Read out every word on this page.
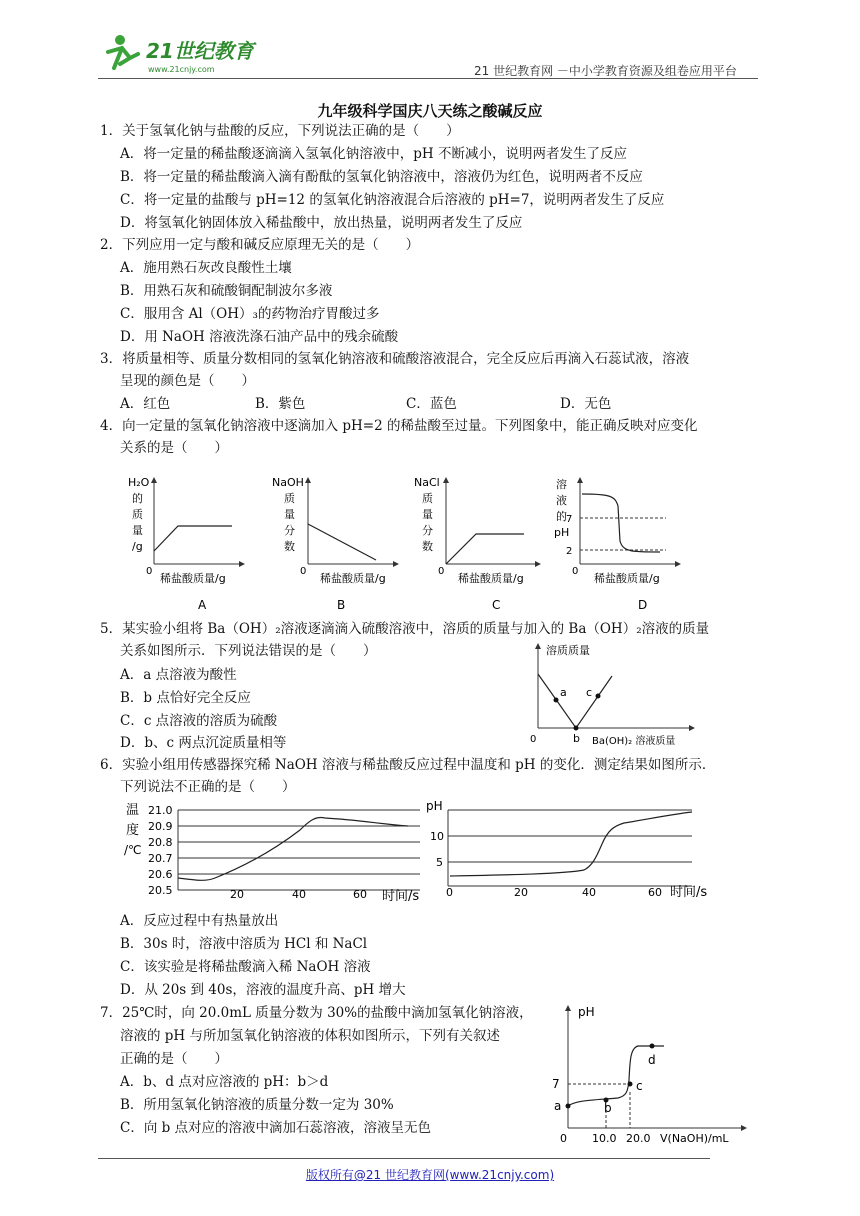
21世纪教育
www.21cnjy.com	21 世纪教育网 －中小学教育资源及组卷应用平台
九年级科学国庆八天练之酸碱反应
1．关于氢氧化钠与盐酸的反应，下列说法正确的是（　　）
A．将一定量的稀盐酸逐滴滴入氢氧化钠溶液中，pH 不断减小，说明两者发生了反应
B．将一定量的稀盐酸滴入滴有酚酞的氢氧化钠溶液中，溶液仍为红色，说明两者不反应
C．将一定量的盐酸与 pH=12 的氢氧化钠溶液混合后溶液的 pH=7，说明两者发生了反应
D．将氢氧化钠固体放入稀盐酸中，放出热量，说明两者发生了反应
2．下列应用一定与酸和碱反应原理无关的是（　　）
A．施用熟石灰改良酸性土壤
B．用熟石灰和硫酸铜配制波尔多液
C．服用含 Al（OH）₃的药物治疗胃酸过多
D．用 NaOH 溶液洗涤石油产品中的残余硫酸
3．将质量相等、质量分数相同的氢氧化钠溶液和硫酸溶液混合，完全反应后再滴入石蕊试液，溶液
呈现的颜色是（　　）
A．红色	B．紫色	C．蓝色	D．无色
4．向一定量的氢氧化钠溶液中逐滴加入 pH=2 的稀盐酸至过量。下列图象中，能正确反映对应变化
关系的是（　　）
H₂O
的
质
量
/g
0
稀盐酸质量/g
A
NaOH
质
量
分
数
0
稀盐酸质量/g
B
NaCl
质
量
分
数
0
稀盐酸质量/g
C
溶
液
的
pH
7
2
0
稀盐酸质量/g
D
5．某实验小组将 Ba（OH）₂溶液逐滴滴入硫酸溶液中，溶质的质量与加入的 Ba（OH）₂溶液的质量
关系如图所示．下列说法错误的是（　　）
A．a 点溶液为酸性
B．b 点恰好完全反应
C．c 点溶液的溶质为硫酸
D．b、c 两点沉淀质量相等
a
b
c
溶质质量
0	Ba(OH)₂ 溶液质量
6．实验小组用传感器探究稀 NaOH 溶液与稀盐酸反应过程中温度和 pH 的变化．测定结果如图所示．
下列说法不正确的是（　　）
温
度
/℃
21.0
20.9
20.8
20.7
20.6
20.5	20	40	60 时间/s
pH
10
5
0	20	40	60 时间/s
A．反应过程中有热量放出
B．30s 时，溶液中溶质为 HCl 和 NaCl
C．该实验是将稀盐酸滴入稀 NaOH 溶液
D．从 20s 到 40s，溶液的温度升高、pH 增大
7．25℃时，向 20.0mL 质量分数为 30%的盐酸中滴加氢氧化钠溶液，
溶液的 pH 与所加氢氧化钠溶液的体积如图所示，下列有关叙述
正确的是（　　）
A．b、d 点对应溶液的 pH：b＞d
B．所用氢氧化钠溶液的质量分数一定为 30%
C．向 b 点对应的溶液中滴加石蕊溶液，溶液呈无色
a	b
c
d
pH
7
0 10.0 20.0 V(NaOH)/mL
版权所有@21 世纪教育网(www.21cnjy.com)
